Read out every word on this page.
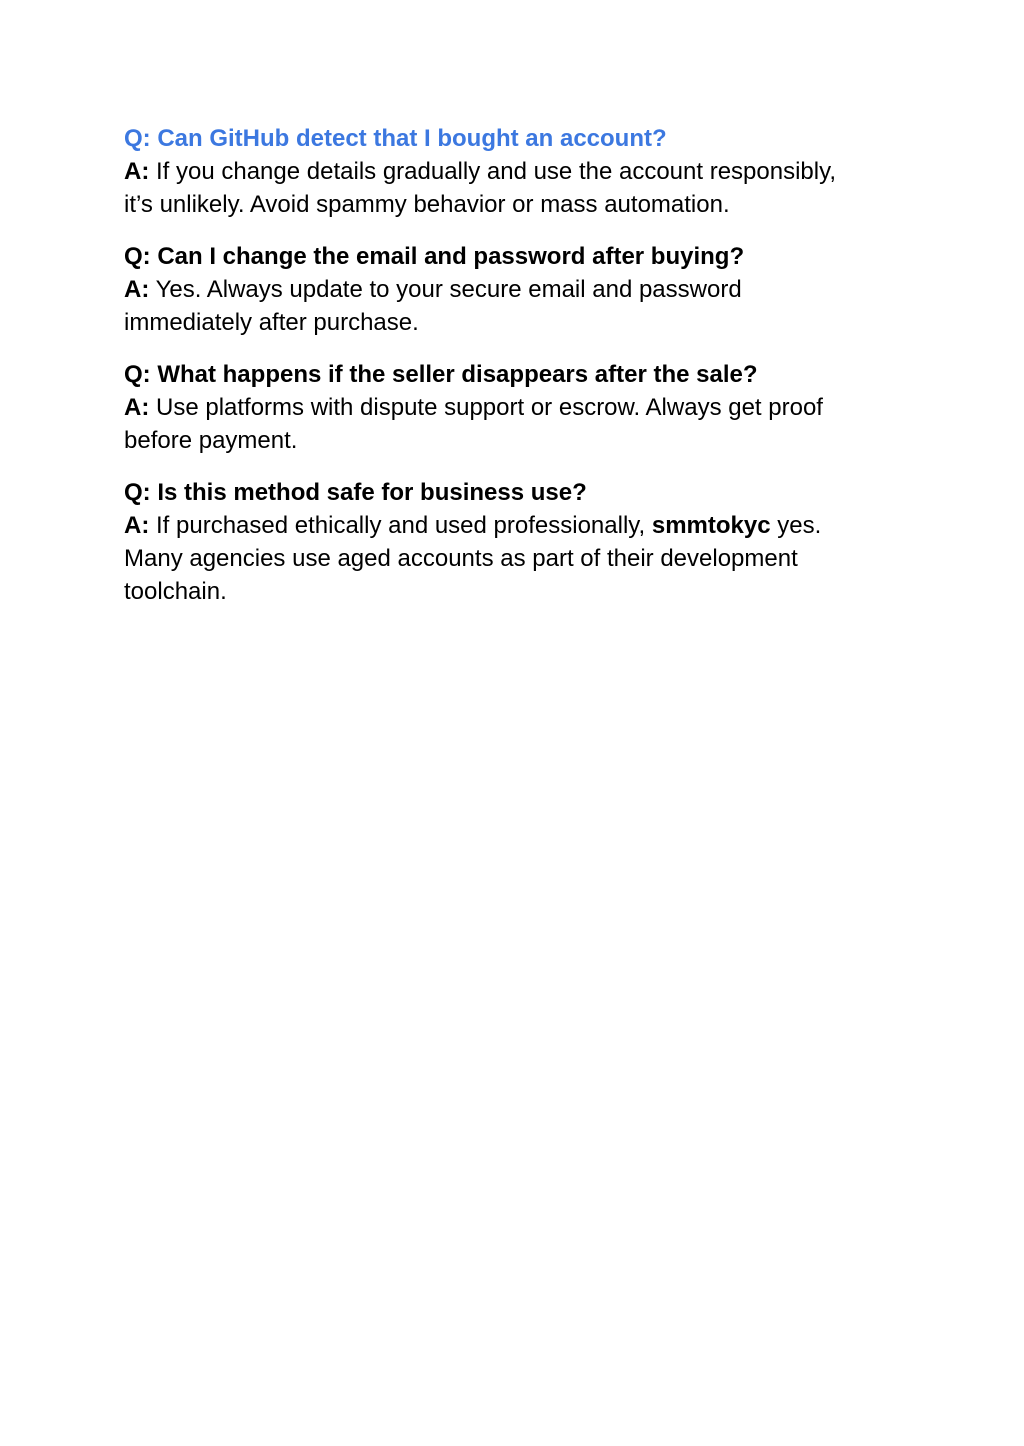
Q: Can GitHub detect that I bought an account?
A: If you change details gradually and use the account responsibly,
it’s unlikely. Avoid spammy behavior or mass automation.
Q: Can I change the email and password after buying?
A: Yes. Always update to your secure email and password
immediately after purchase.
Q: What happens if the seller disappears after the sale?
A: Use platforms with dispute support or escrow. Always get proof
before payment.
Q: Is this method safe for business use?
A: If purchased ethically and used professionally, smmtokyc yes.
Many agencies use aged accounts as part of their development
toolchain.
